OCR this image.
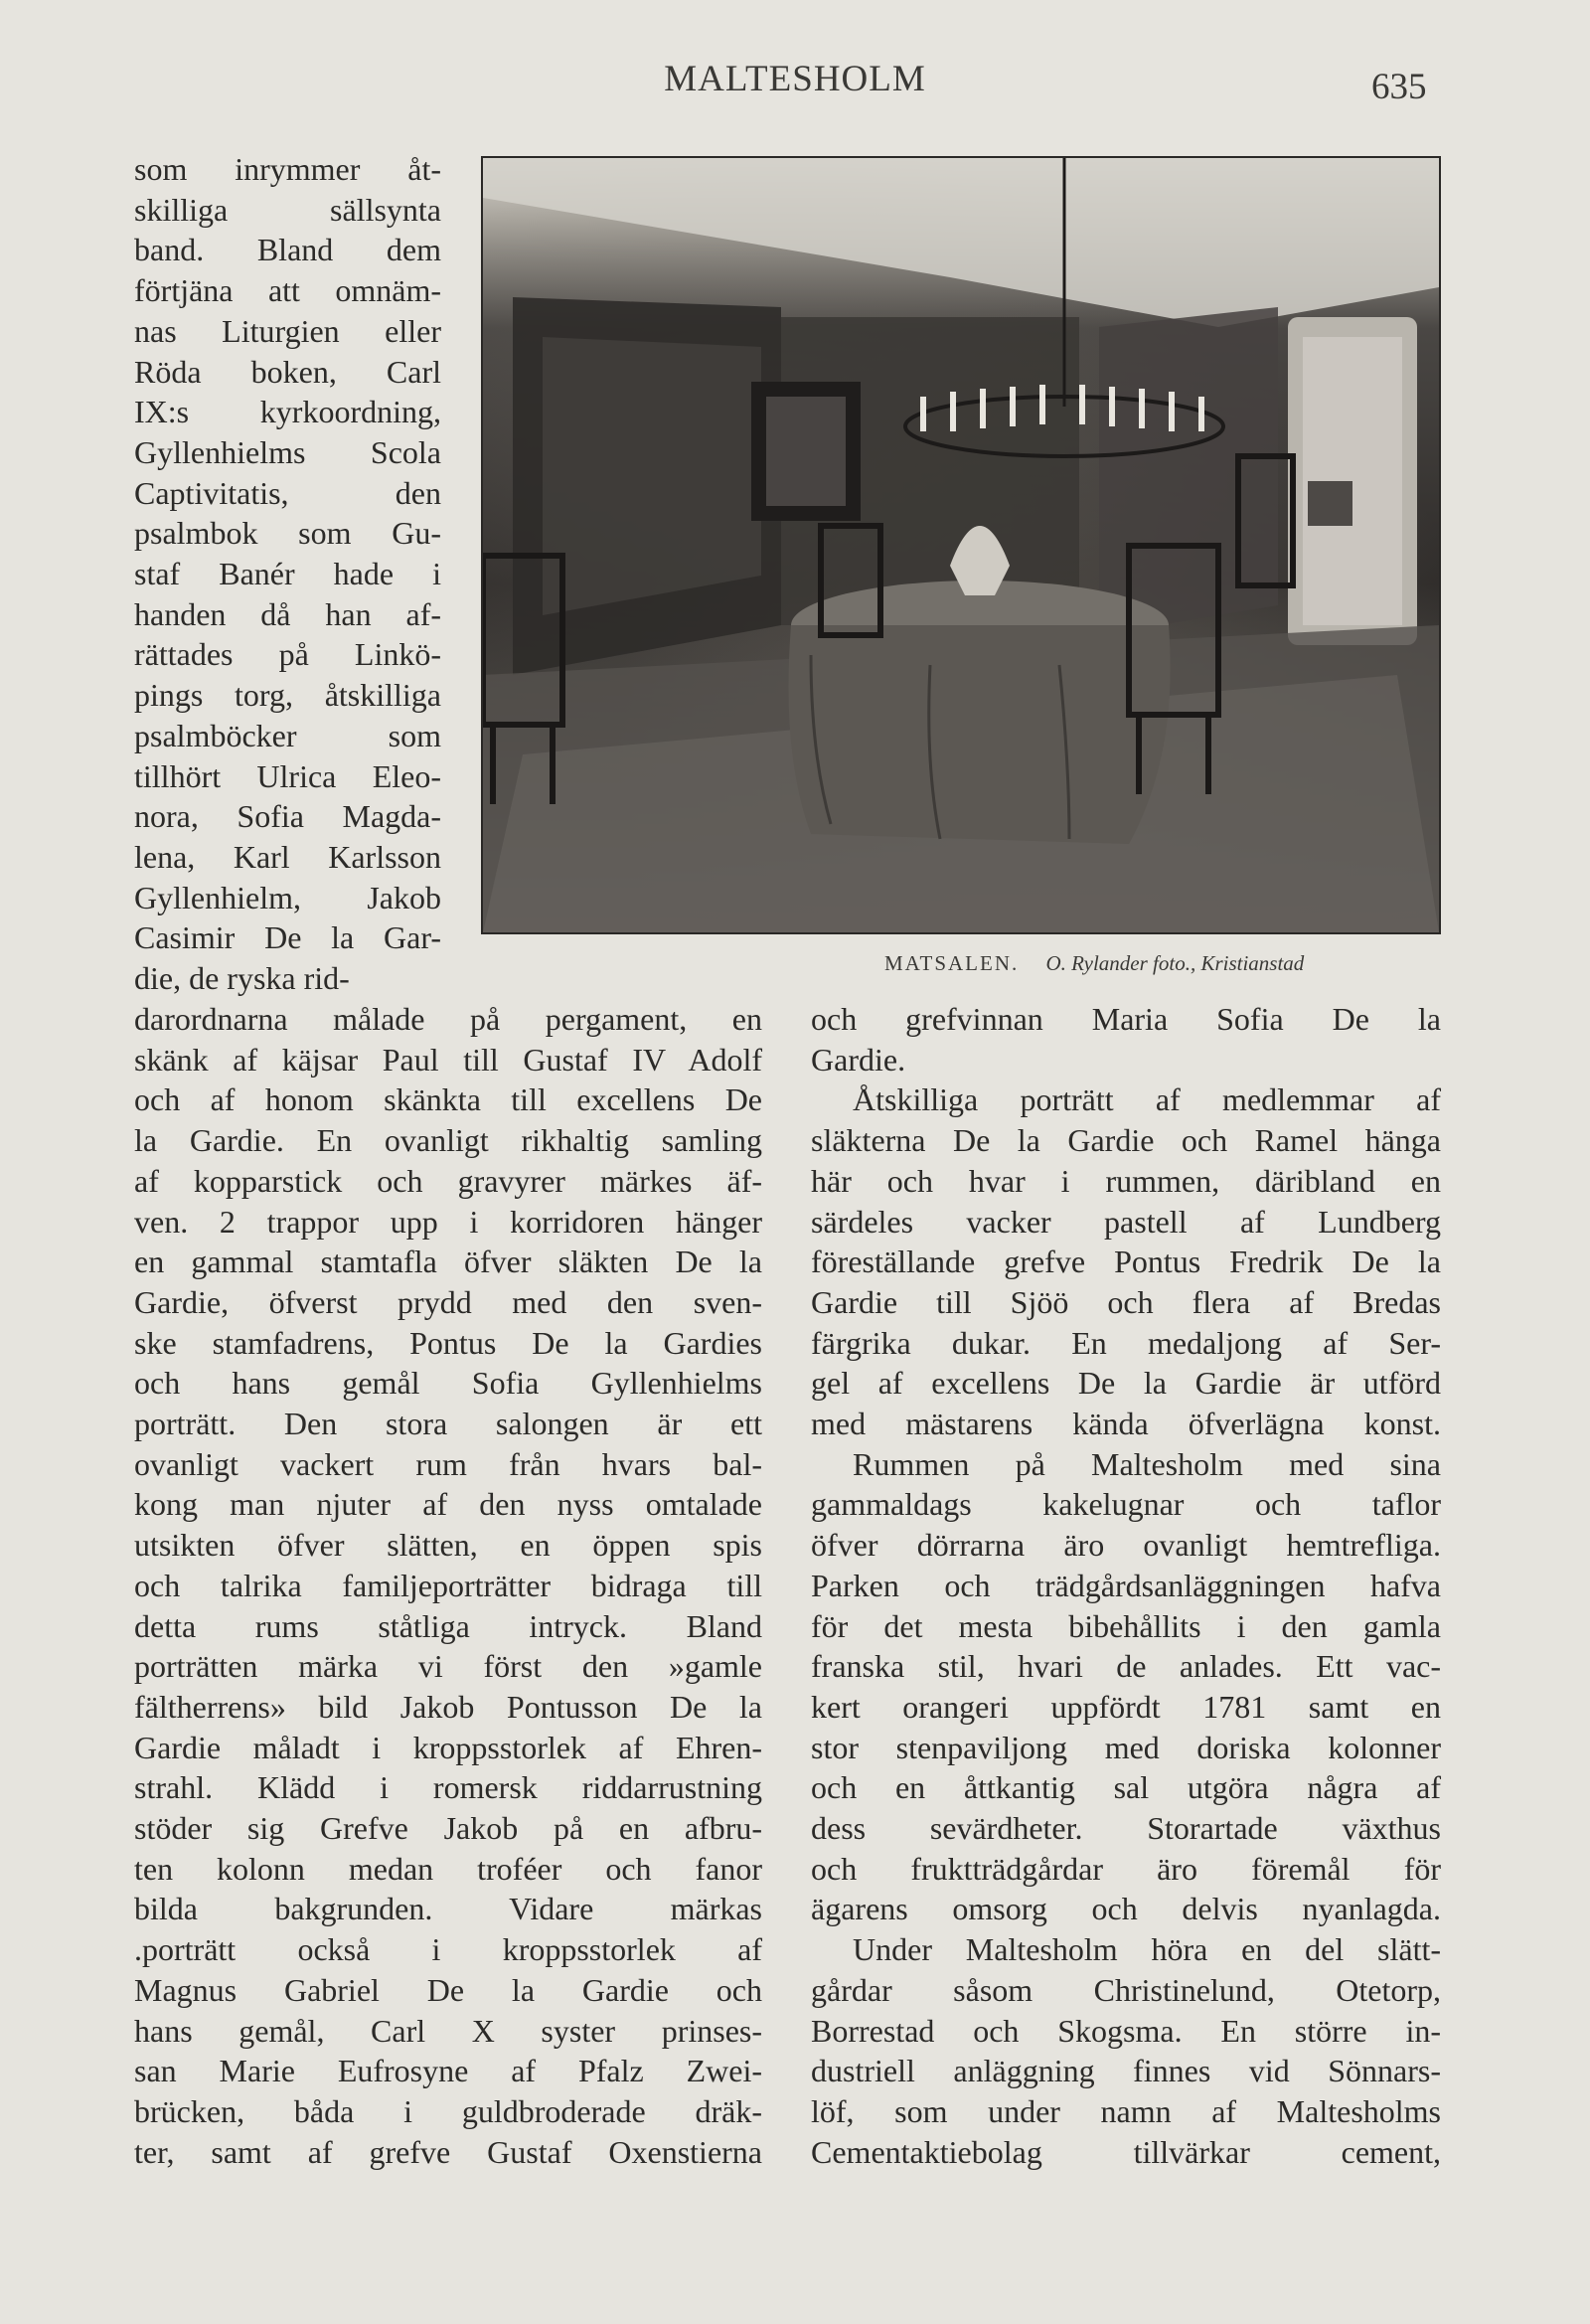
MALTESHOLM	635
MATSALEN. O. Rylander foto., Kristianstad
som inrymmer åt-
skilliga sällsynta
band. Bland dem
förtjäna att omnäm-
nas Liturgien eller
Röda boken, Carl
IX:s kyrkoordning,
Gyllenhielms Scola
Captivitatis, den
psalmbok som Gu-
staf Banér hade i
handen då han af-
rättades på Linkö-
pings torg, åtskilliga
psalmböcker som
tillhört Ulrica Eleo-
nora, Sofia Magda-
lena, Karl Karlsson
Gyllenhielm, Jakob
Casimir De la Gar-
die, de ryska rid-
darordnarna målade på pergament, en
skänk af käjsar Paul till Gustaf IV Adolf
och af honom skänkta till excellens De
la Gardie. En ovanligt rikhaltig samling
af kopparstick och gravyrer märkes äf-
ven. 2 trappor upp i korridoren hänger
en gammal stamtafla öfver släkten De la
Gardie, öfverst prydd med den sven-
ske stamfadrens, Pontus De la Gardies
och hans gemål Sofia Gyllenhielms
porträtt. Den stora salongen är ett
ovanligt vackert rum från hvars bal-
kong man njuter af den nyss omtalade
utsikten öfver slätten, en öppen spis
och talrika familjeporträtter bidraga till
detta rums ståtliga intryck. Bland
porträtten märka vi först den »gamle
fältherrens» bild Jakob Pontusson De la
Gardie måladt i kroppsstorlek af Ehren-
strahl. Klädd i romersk riddarrustning
stöder sig Grefve Jakob på en afbru-
ten kolonn medan troféer och fanor
bilda bakgrunden. Vidare märkas
.porträtt också i kroppsstorlek af
Magnus Gabriel De la Gardie och
hans gemål, Carl X syster prinses-
san Marie Eufrosyne af Pfalz Zwei-
brücken, båda i guldbroderade dräk-
ter, samt af grefve Gustaf Oxenstierna
och grefvinnan Maria Sofia De la
Gardie.
Åtskilliga porträtt af medlemmar af
släkterna De la Gardie och Ramel hänga
här och hvar i rummen, däribland en
särdeles vacker pastell af Lundberg
föreställande grefve Pontus Fredrik De la
Gardie till Sjöö och flera af Bredas
färgrika dukar. En medaljong af Ser-
gel af excellens De la Gardie är utförd
med mästarens kända öfverlägna konst.
Rummen på Maltesholm med sina
gammaldags kakelugnar och taflor
öfver dörrarna äro ovanligt hemtrefliga.
Parken och trädgårdsanläggningen hafva
för det mesta bibehållits i den gamla
franska stil, hvari de anlades. Ett vac-
kert orangeri uppfördt 1781 samt en
stor stenpaviljong med doriska kolonner
och en åttkantig sal utgöra några af
dess sevärdheter. Storartade växthus
och fruktträdgårdar äro föremål för
ägarens omsorg och delvis nyanlagda.
Under Maltesholm höra en del slätt-
gårdar såsom Christinelund, Otetorp,
Borrestad och Skogsma. En större in-
dustriell anläggning finnes vid Sönnars-
löf, som under namn af Maltesholms
Cementaktiebolag tillvärkar cement,
